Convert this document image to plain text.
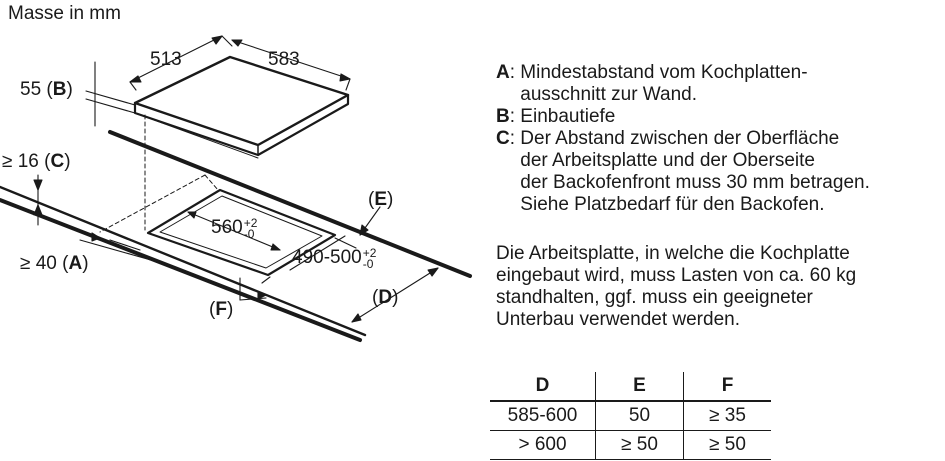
Masse in mm
513	583
55 (B)
≥ 16 (C)
≥ 40 (A)
560 $^{+2 -0}$
490-500 $^{+2 -0}$
(E)
(D)
(F)
A : Mindestabstand vom Kochplatten-
ausschnitt zur Wand.
B : Einbautiefe
C : Der Abstand zwischen der Oberfläche
der Arbeitsplatte und der Oberseite
der Backofenfront muss 30 mm betragen.
Siehe Platzbedarf für den Backofen.
Die Arbeitsplatte, in welche die Kochplatte
eingebaut wird, muss Lasten von ca. 60 kg
standhalten, ggf. muss ein geeigneter
Unterbau verwendet werden.
D	E	F
585-600	50	≥ 35
> 600	≥ 50	≥ 50
